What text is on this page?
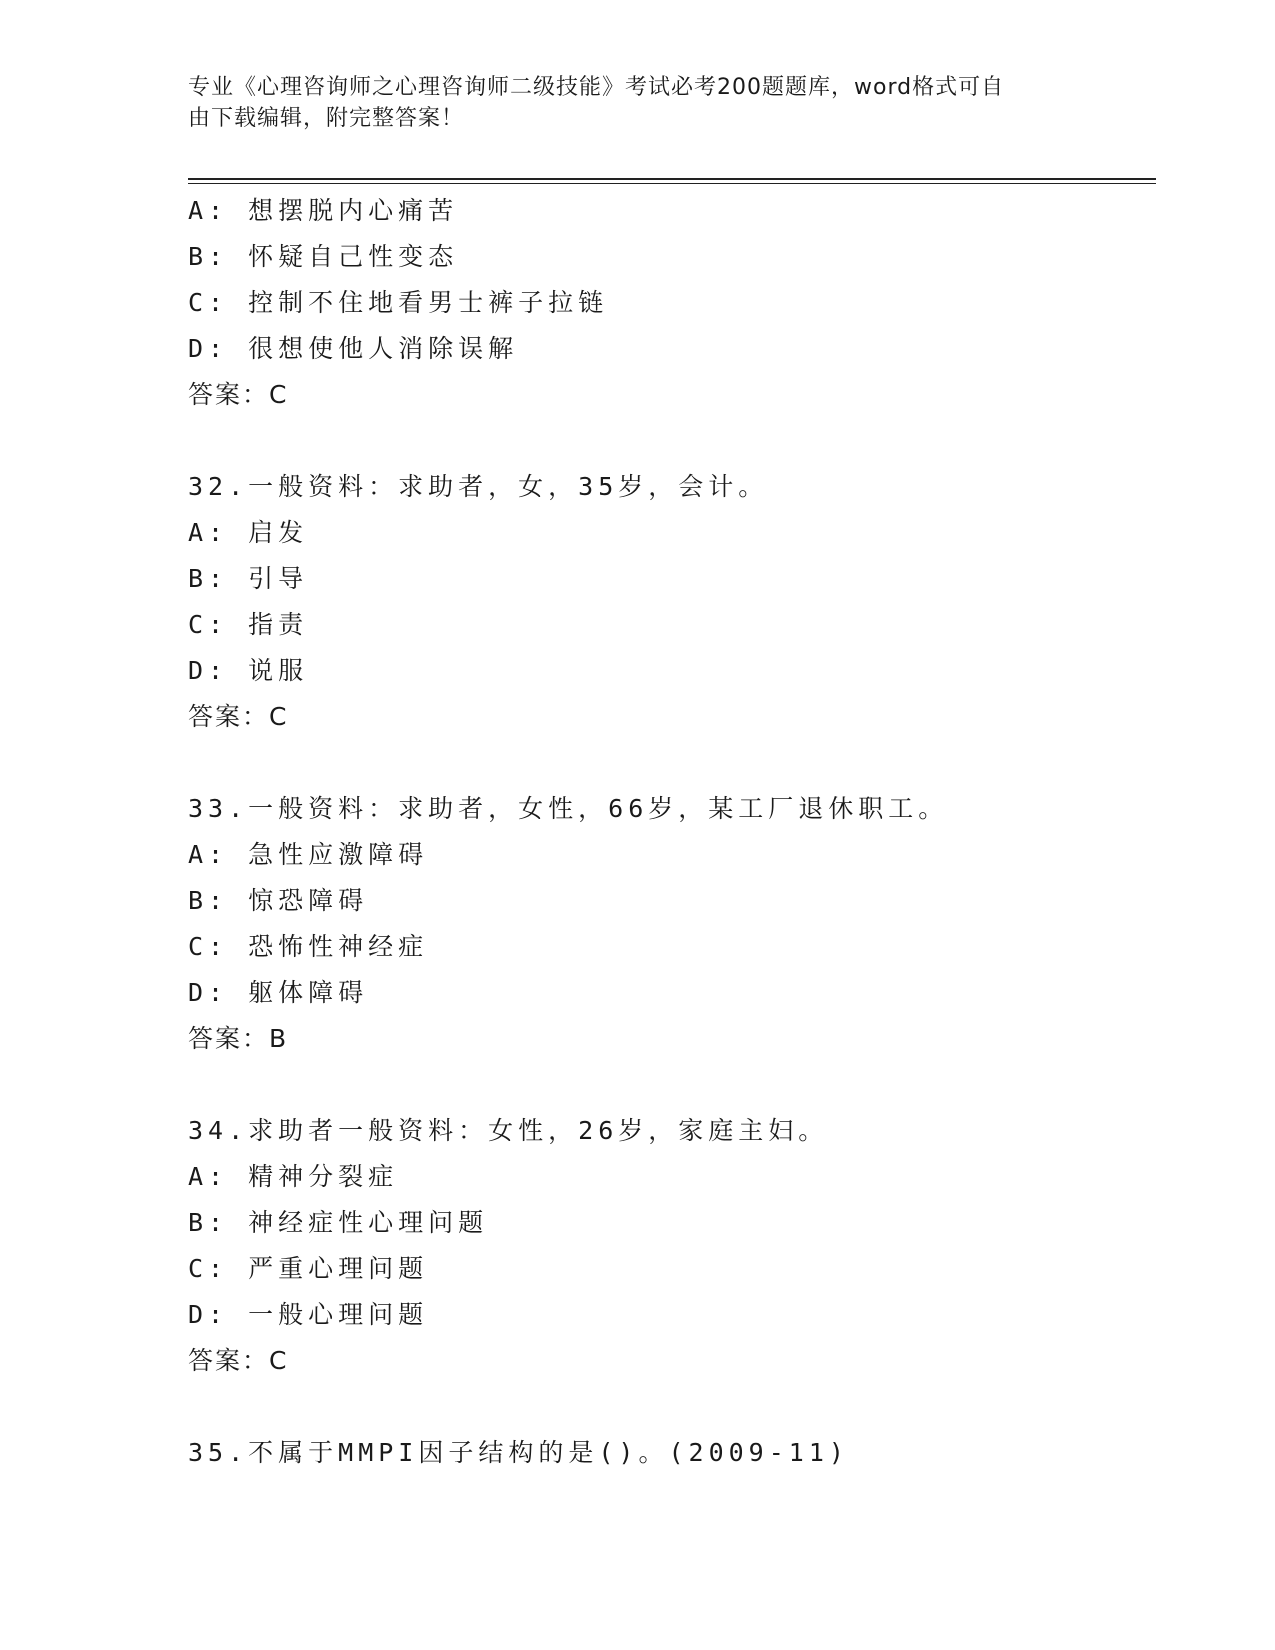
专业《心理咨询师之心理咨询师二级技能》考试必考200题题库，word格式可自
由下载编辑，附完整答案！
A: 想摆脱内心痛苦
B: 怀疑自己性变态
C: 控制不住地看男士裤子拉链
D: 很想使他人消除误解
答案：C
32.一般资料：求助者，女，35岁，会计。
A: 启发
B: 引导
C: 指责
D: 说服
答案：C
33.一般资料：求助者，女性，66岁，某工厂退休职工。
A: 急性应激障碍
B: 惊恐障碍
C: 恐怖性神经症
D: 躯体障碍
答案：B
34.求助者一般资料：女性，26岁，家庭主妇。
A: 精神分裂症
B: 神经症性心理问题
C: 严重心理问题
D: 一般心理问题
答案：C
35.不属于MMPI因子结构的是()。(2009-11)
